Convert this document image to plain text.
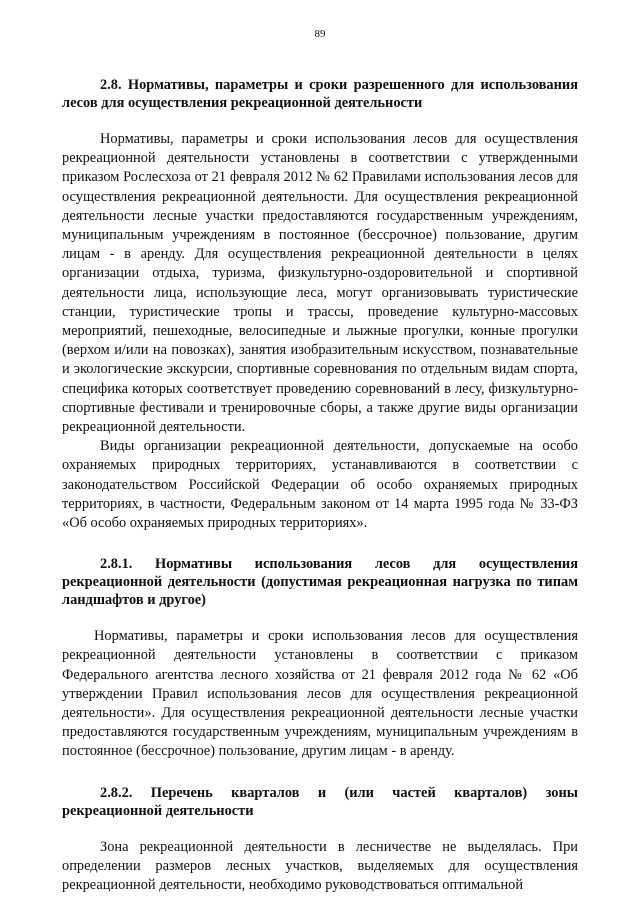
89
2.8. Нормативы, параметры и сроки разрешенного для использования лесов для осуществления рекреационной деятельности

Нормативы, параметры и сроки использования лесов для осуществления рекреационной деятельности установлены в соответствии с утвержденными приказом Рослесхоза от 21 февраля 2012 № 62 Правилами использования лесов для осуществления рекреационной деятельности. Для осуществления рекреационной деятельности лесные участки предоставляются государственным учреждениям, муниципальным учреждениям в постоянное (бессрочное) пользование, другим лицам - в аренду. Для осуществления рекреационной деятельности в целях организации отдыха, туризма, физкультурно-оздоровительной и спортивной деятельности лица, использующие леса, могут организовывать туристические станции, туристические тропы и трассы, проведение культурно-массовых мероприятий, пешеходные, велосипедные и лыжные прогулки, конные прогулки (верхом и/или на повозках), занятия изобразительным искусством, познавательные и экологические экскурсии, спортивные соревнования по отдельным видам спорта, специфика которых соответствует проведению соревнований в лесу, физкультурно-спортивные фестивали и тренировочные сборы, а также другие виды организации рекреационной деятельности.

Виды организации рекреационной деятельности, допускаемые на особо охраняемых природных территориях, устанавливаются в соответствии с законодательством Российской Федерации об особо охраняемых природных территориях, в частности, Федеральным законом от 14 марта 1995 года № 33-ФЗ «Об особо охраняемых природных территориях».

2.8.1. Нормативы использования лесов для осуществления рекреационной деятельности (допустимая рекреационная нагрузка по типам ландшафтов и другое)

Нормативы, параметры и сроки использования лесов для осуществления рекреационной деятельности установлены в соответствии с приказом Федерального агентства лесного хозяйства от 21 февраля 2012 года № 62 «Об утверждении Правил использования лесов для осуществления рекреационной деятельности». Для осуществления рекреационной деятельности лесные участки предоставляются государственным учреждениям, муниципальным учреждениям в постоянное (бессрочное) пользование, другим лицам - в аренду.

2.8.2. Перечень кварталов и (или частей кварталов) зоны рекреационной деятельности

Зона рекреационной деятельности в лесничестве не выделялась. При определении размеров лесных участков, выделяемых для осуществления рекреационной деятельности, необходимо руководствоваться оптимальной
